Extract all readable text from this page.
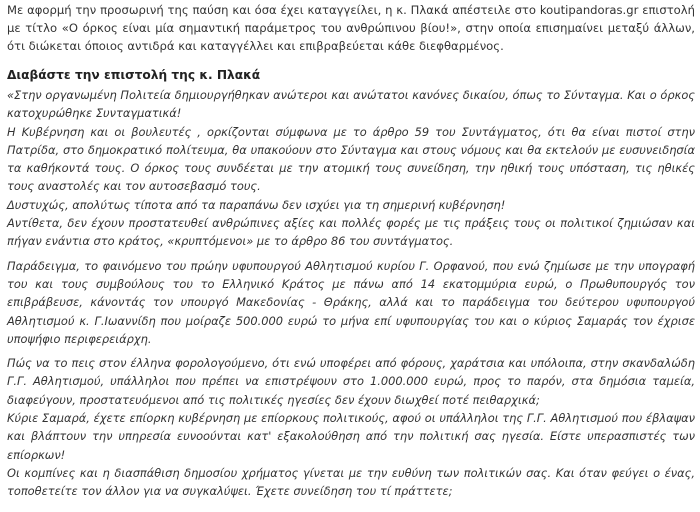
Με αφορμή την προσωρινή της παύση και όσα έχει καταγγείλει, η κ. Πλακά απέστειλε στο koutipandoras.gr επιστολή με τίτλο «Ο όρκος είναι μία σημαντική παράμετρος του ανθρώπινου βίου!», στην οποία επισημαίνει μεταξύ άλλων, ότι διώκεται όποιος αντιδρά και καταγγέλλει και επιβραβεύεται κάθε διεφθαρμένος.

Διαβάστε την επιστολή της κ. Πλακά

«Στην οργανωμένη Πολιτεία δημιουργήθηκαν ανώτεροι και ανώτατοι κανόνες δικαίου, όπως το Σύνταγμα. Και ο όρκος κατοχυρώθηκε Συνταγματικά!

Η Κυβέρνηση και οι βουλευτές , ορκίζονται σύμφωνα με το άρθρο 59 του Συντάγματος, ότι θα είναι πιστοί στην Πατρίδα, στο δημοκρατικό πολίτευμα, θα υπακούουν στο Σύνταγμα και στους νόμους και θα εκτελούν με ευσυνειδησία τα καθήκοντά τους. Ο όρκος τους συνδέεται με την ατομική τους συνείδηση, την ηθική τους υπόσταση, τις ηθικές τους αναστολές και τον αυτοσεβασμό τους.

Δυστυχώς, απολύτως τίποτα από τα παραπάνω δεν ισχύει για τη σημερινή κυβέρνηση!

Αντίθετα, δεν έχουν προστατευθεί ανθρώπινες αξίες και πολλές φορές με τις πράξεις τους οι πολιτικοί ζημιώσαν και πήγαν ενάντια στο κράτος, «κρυπτόμενοι» με το άρθρο 86 του συντάγματος.

Παράδειγμα, το φαινόμενο του πρώην υφυπουργού Αθλητισμού κυρίου Γ. Ορφανού, που ενώ ζημίωσε με την υπογραφή του και τους συμβούλους του το Ελληνικό Κράτος με πάνω από 14 εκατομμύρια ευρώ, ο Πρωθυπουργός τον επιβράβευσε, κάνοντάς τον υπουργό Μακεδονίας - Θράκης, αλλά και το παράδειγμα του δεύτερου υφυπουργού Αθλητισμού κ. Γ.Ιωαννίδη που μοίραζε 500.000 ευρώ το μήνα επί υφυπουργίας του και ο κύριος Σαμαράς τον έχρισε υποψήφιο περιφερειάρχη.

Πώς να το πεις στον έλληνα φορολογούμενο, ότι ενώ υποφέρει από φόρους, χαράτσια και υπόλοιπα, στην σκανδαλώδη Γ.Γ. Αθλητισμού, υπάλληλοι που πρέπει να επιστρέψουν στο 1.000.000 ευρώ, προς το παρόν, στα δημόσια ταμεία, διαφεύγουν, προστατευόμενοι από τις πολιτικές ηγεσίες δεν έχουν διωχθεί ποτέ πειθαρχικά;

Κύριε Σαμαρά, έχετε επίορκη κυβέρνηση με επίορκους πολιτικούς, αφού οι υπάλληλοι της Γ.Γ. Αθλητισμού που έβλαψαν και βλάπτουν την υπηρεσία ευνοούνται κατ' εξακολούθηση από την πολιτική σας ηγεσία. Είστε υπερασπιστές των επίορκων!

Οι κομπίνες και η διασπάθιση δημοσίου χρήματος γίνεται με την ευθύνη των πολιτικών σας. Και όταν φεύγει ο ένας, τοποθετείτε τον άλλον για να συγκαλύψει. Έχετε συνείδηση του τί πράττετε;
